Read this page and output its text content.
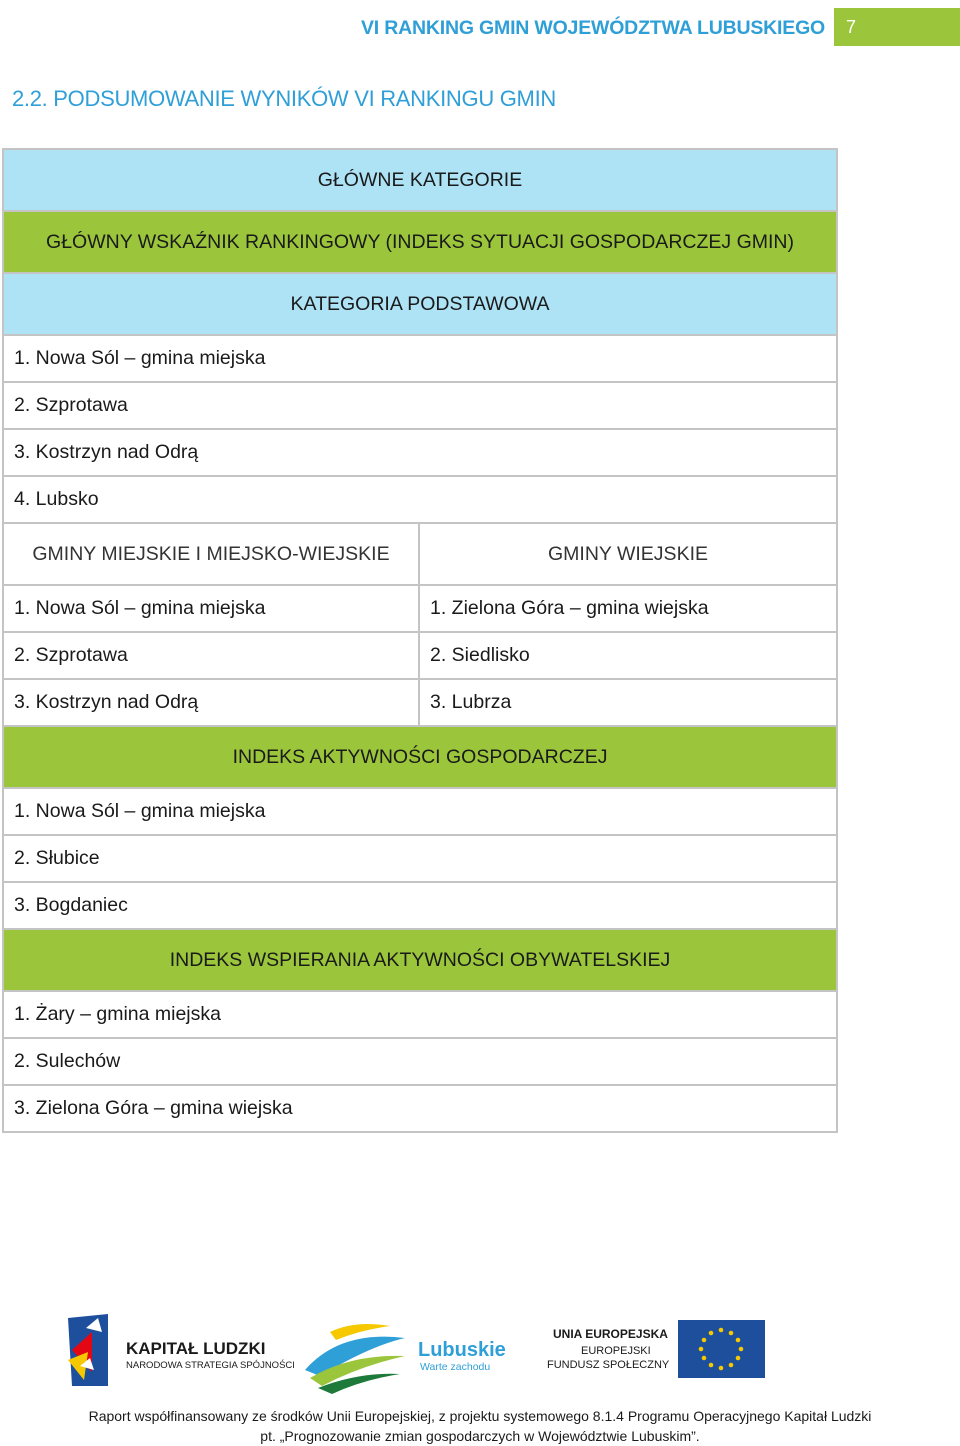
VI RANKING GMIN WOJEWÓDZTWA LUBUSKIEGO	7
2.2. PODSUMOWANIE WYNIKÓW VI RANKINGU GMIN
GŁÓWNE KATEGORIE	
GŁÓWNY WSKAŹNIK RANKINGOWY (INDEKS SYTUACJI GOSPODARCZEJ GMIN)	
KATEGORIA PODSTAWOWA	
1. Nowa Sól – gmina miejska	
2. Szprotawa	
3. Kostrzyn nad Odrą	
4. Lubsko	
GMINY MIEJSKIE I MIEJSKO-WIEJSKIE	GMINY WIEJSKIE
1. Nowa Sól – gmina miejska	1. Zielona Góra – gmina wiejska
2. Szprotawa	2. Siedlisko
3. Kostrzyn nad Odrą	3. Lubrza
INDEKS AKTYWNOŚCI GOSPODARCZEJ	
1. Nowa Sól – gmina miejska	
2. Słubice	
3. Bogdaniec	
INDEKS WSPIERANIA AKTYWNOŚCI OBYWATELSKIEJ	
1. Żary – gmina miejska	
2. Sulechów	
3. Zielona Góra – gmina wiejska	
KAPITAŁ LUDZKI
NARODOWA STRATEGIA SPÓJNOŚCI
Lubuskie
Warte zachodu
UNIA EUROPEJSKA
EUROPEJSKI
FUNDUSZ SPOŁECZNY
Raport współfinansowany ze środków Unii Europejskiej, z projektu systemowego 8.1.4 Programu Operacyjnego Kapitał Ludzki
pt. „Prognozowanie zmian gospodarczych w Województwie Lubuskim”.
